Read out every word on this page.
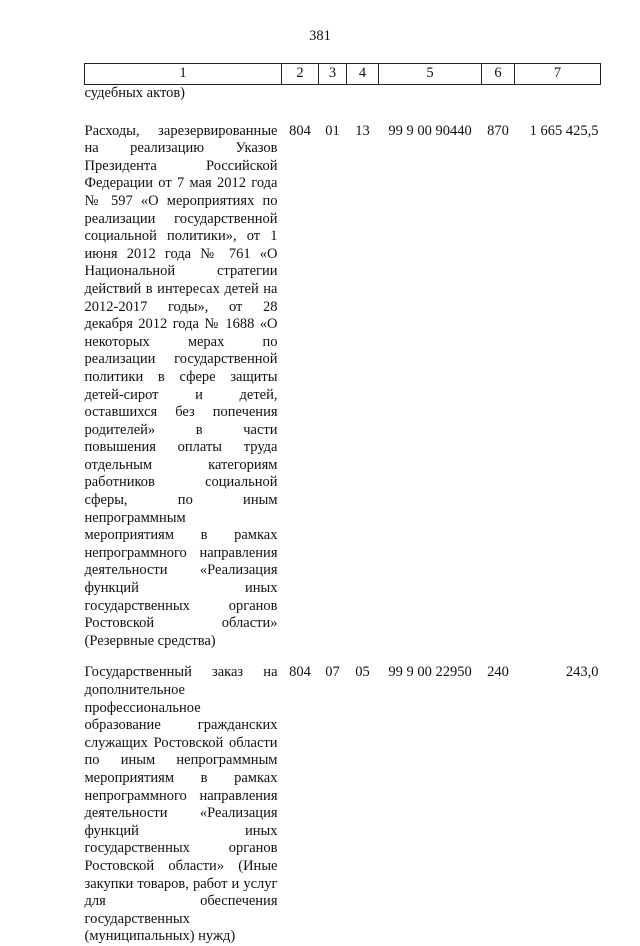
381
1	2	3	4	5	6	7
судебных актов)						
Расходы, зарезервированные на реализацию Указов Президента Российской Федерации от 7 мая 2012 года № 597 «О мероприятиях по реализации государственной социальной политики», от 1 июня 2012 года № 761 «О Национальной стратегии действий в интересах детей на 2012-2017 годы», от 28 декабря 2012 года № 1688 «О некоторых мерах по реализации государственной политики в сфере защиты детей-сирот и детей, оставшихся без попечения родителей» в части повышения оплаты труда отдельным категориям работников социальной сферы, по иным непрограммным мероприятиям в рамках непрограммного направления деятельности «Реализация функций иных государственных органов Ростовской области» (Резервные средства)	804	01	13	99 9 00 90440	870	1 665 425,5
Государственный заказ на дополнительное профессиональное образование гражданских служащих Ростовской области по иным непрограммным мероприятиям в рамках непрограммного направления деятельности «Реализация функций иных государственных органов Ростовской области» (Иные закупки товаров, работ и услуг для обеспечения государственных (муниципальных) нужд)	804	07	05	99 9 00 22950	240	243,0
